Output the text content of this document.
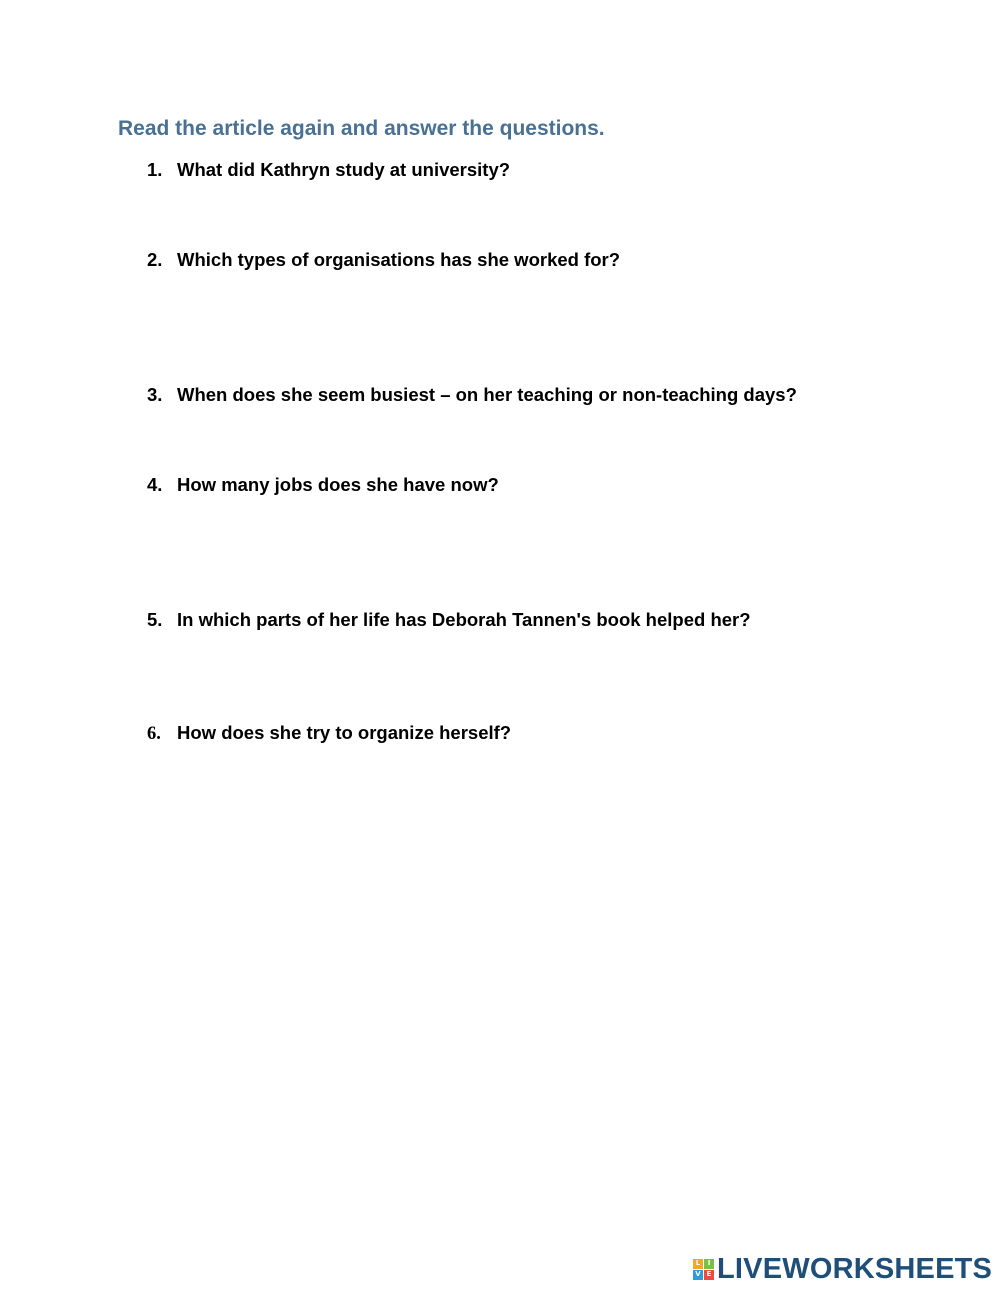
Read the article again and answer the questions.
1. What did Kathryn study at university?
2. Which types of organisations has she worked for?
3. When does she seem busiest – on her teaching or non-teaching days?
4. How many jobs does she have now?
5. In which parts of her life has Deborah Tannen's book helped her?
6. How does she try to organize herself?
L	I
V E LIVEWORKSHEETS
